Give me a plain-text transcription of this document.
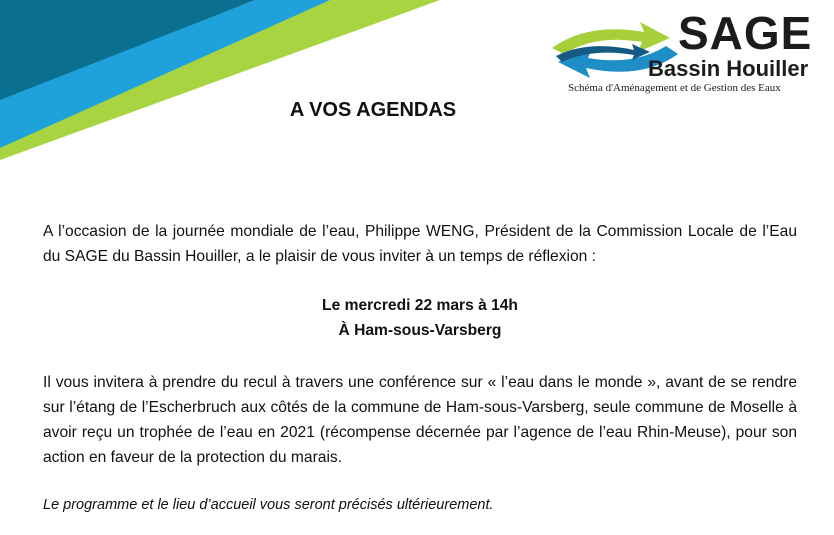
SAGE
Bassin Houiller
Schéma d'Aménagement et de Gestion des Eaux
A VOS AGENDAS

A l’occasion de la journée mondiale de l’eau, Philippe WENG, Président de la Commission Locale de l’Eau du SAGE du Bassin Houiller, a le plaisir de vous inviter à un temps de réflexion :

Le mercredi 22 mars à 14h
À Ham-sous-Varsberg

Il vous invitera à prendre du recul à travers une conférence sur « l’eau dans le monde », avant de se rendre sur l’étang de l’Escherbruch aux côtés de la commune de Ham-sous-Varsberg, seule commune de Moselle à avoir reçu un trophée de l’eau en 2021 (récompense décernée par l’agence de l’eau Rhin-Meuse), pour son action en faveur de la protection du marais.

Le programme et le lieu d’accueil vous seront précisés ultérieurement.
